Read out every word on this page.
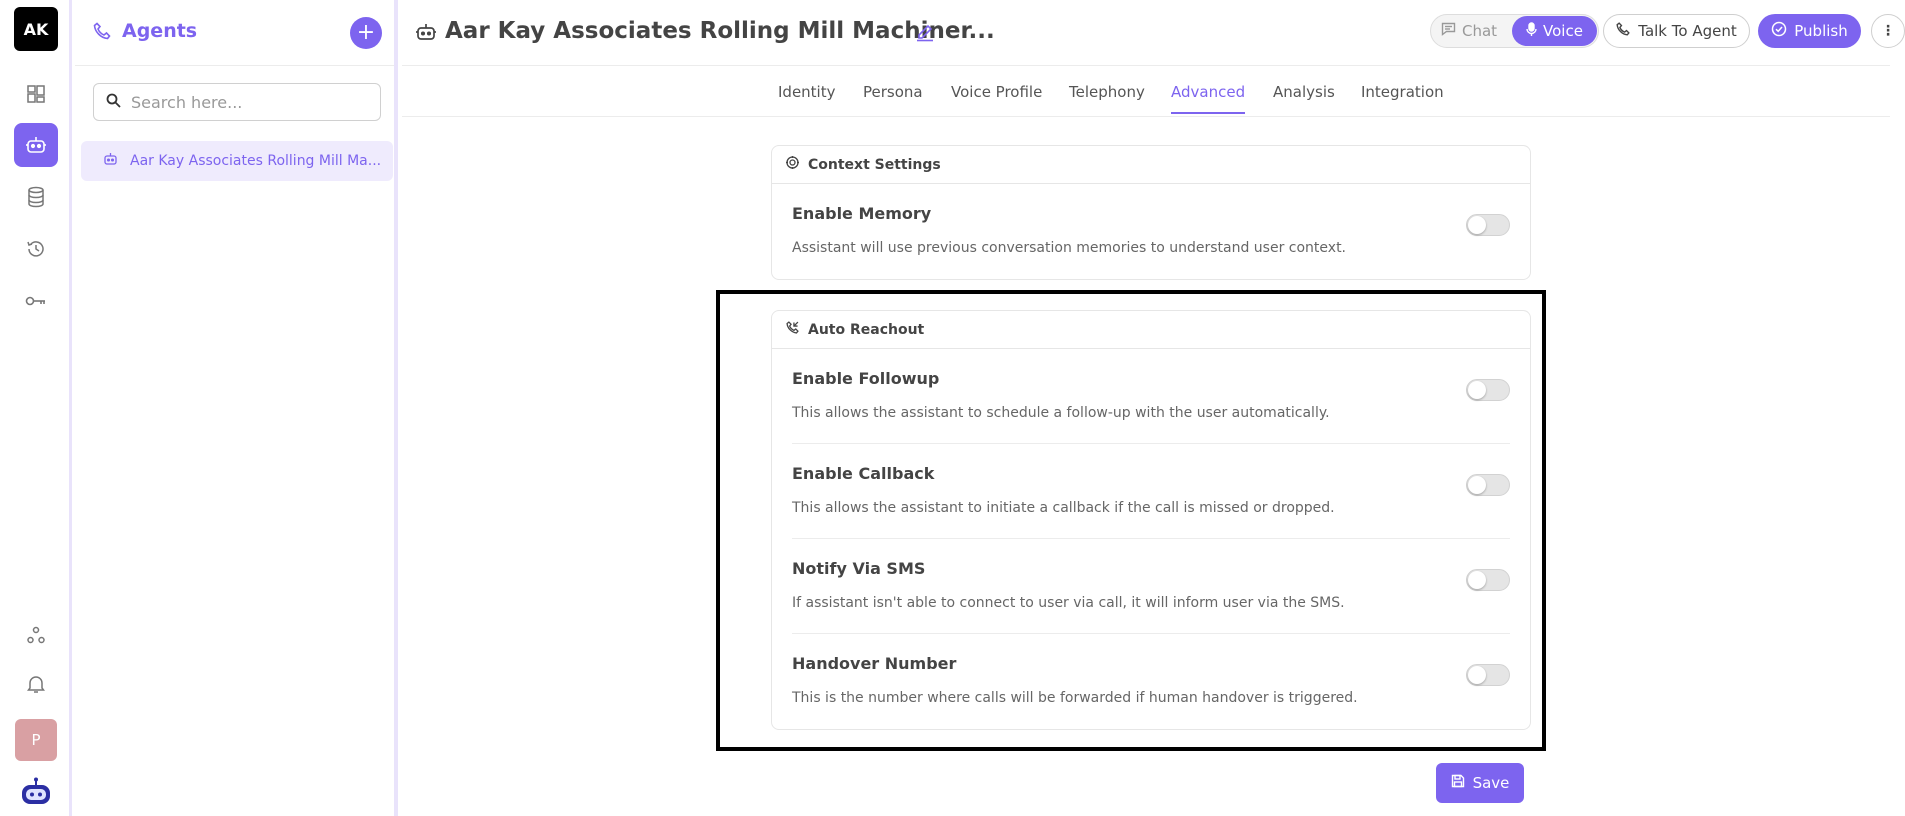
AK
P
Agents	+
Search here...
Aar Kay Associates Rolling Mill Ma...
Aar Kay Associates Rolling Mill Machiner...	Chat	Voice	Talk To Agent	Publish	⋮
Identity Persona Voice Profile Telephony Advanced Analysis Integration
Context Settings
Enable Memory
Assistant will use previous conversation memories to understand user context.
Auto Reachout
Enable Followup
This allows the assistant to schedule a follow-up with the user automatically.
Enable Callback
This allows the assistant to initiate a callback if the call is missed or dropped.
Notify Via SMS
If assistant isn't able to connect to user via call, it will inform user via the SMS.
Handover Number
This is the number where calls will be forwarded if human handover is triggered.
Save
